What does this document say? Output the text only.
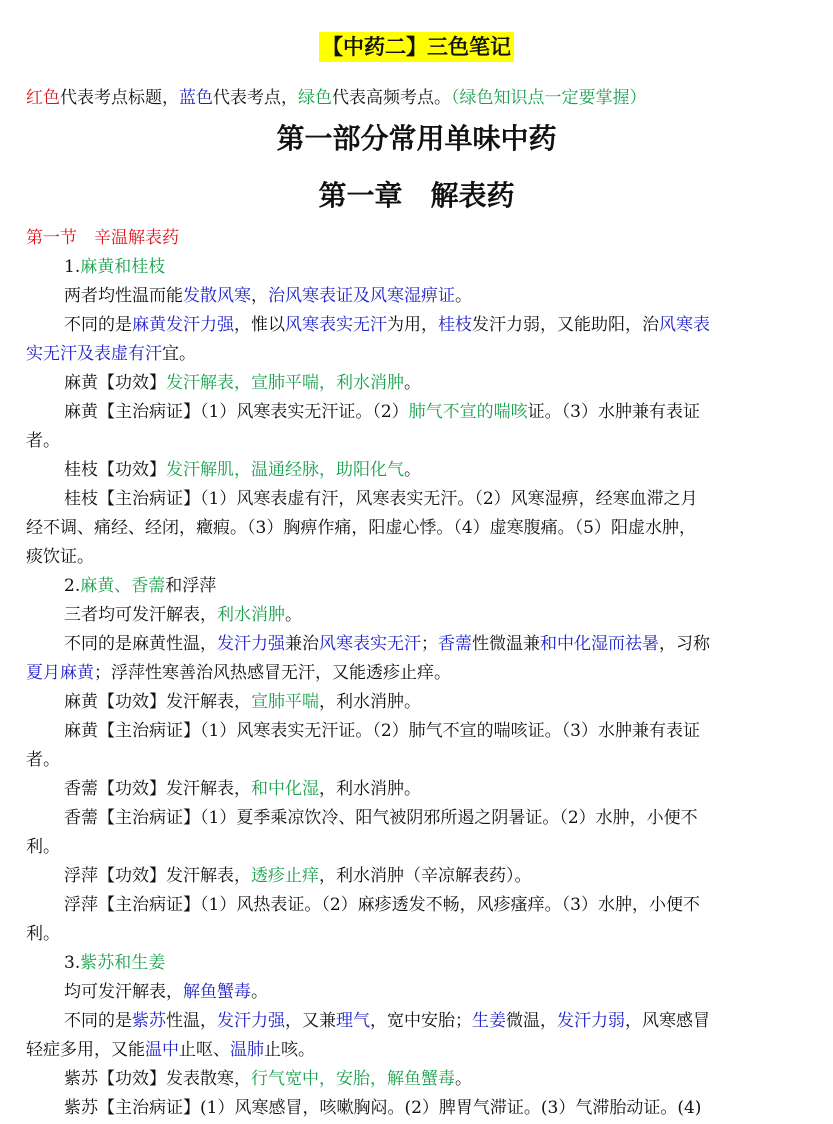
【中药二】三色笔记
红色代表考点标题，蓝色代表考点，绿色代表高频考点。（绿色知识点一定要掌握）
第一部分常用单味中药
第一章　解表药
第一节　辛温解表药
1.麻黄和桂枝
两者均性温而能发散风寒，治风寒表证及风寒湿痹证。
不同的是麻黄发汗力强，惟以风寒表实无汗为用，桂枝发汗力弱，又能助阳，治风寒表
实无汗及表虚有汗宜。
麻黄【功效】发汗解表，宣肺平喘，利水消肿。
麻黄【主治病证】（1）风寒表实无汗证。（2）肺气不宣的喘咳证。（3）水肿兼有表证
者。
桂枝【功效】发汗解肌，温通经脉，助阳化气。
桂枝【主治病证】（1）风寒表虚有汗，风寒表实无汗。（2）风寒湿痹，经寒血滞之月
经不调、痛经、经闭，癥瘕。（3）胸痹作痛，阳虚心悸。（4）虚寒腹痛。（5）阳虚水肿，
痰饮证。
2.麻黄、香薷和浮萍
三者均可发汗解表，利水消肿。
不同的是麻黄性温，发汗力强兼治风寒表实无汗；香薷性微温兼和中化湿而祛暑，习称
夏月麻黄；浮萍性寒善治风热感冒无汗，又能透疹止痒。
麻黄【功效】发汗解表，宣肺平喘，利水消肿。
麻黄【主治病证】（1）风寒表实无汗证。（2）肺气不宣的喘咳证。（3）水肿兼有表证
者。
香薷【功效】发汗解表，和中化湿，利水消肿。
香薷【主治病证】（1）夏季乘凉饮冷、阳气被阴邪所遏之阴暑证。（2）水肿，小便不
利。
浮萍【功效】发汗解表，透疹止痒，利水消肿（辛凉解表药）。
浮萍【主治病证】（1）风热表证。（2）麻疹透发不畅，风疹瘙痒。（3）水肿，小便不
利。
3.紫苏和生姜
均可发汗解表，解鱼蟹毒。
不同的是紫苏性温，发汗力强，又兼理气，宽中安胎；生姜微温，发汗力弱，风寒感冒
轻症多用，又能温中止呕、温肺止咳。
紫苏【功效】发表散寒，行气宽中，安胎，解鱼蟹毒。
紫苏【主治病证】(1）风寒感冒，咳嗽胸闷。(2）脾胃气滞证。(3）气滞胎动证。(4)
